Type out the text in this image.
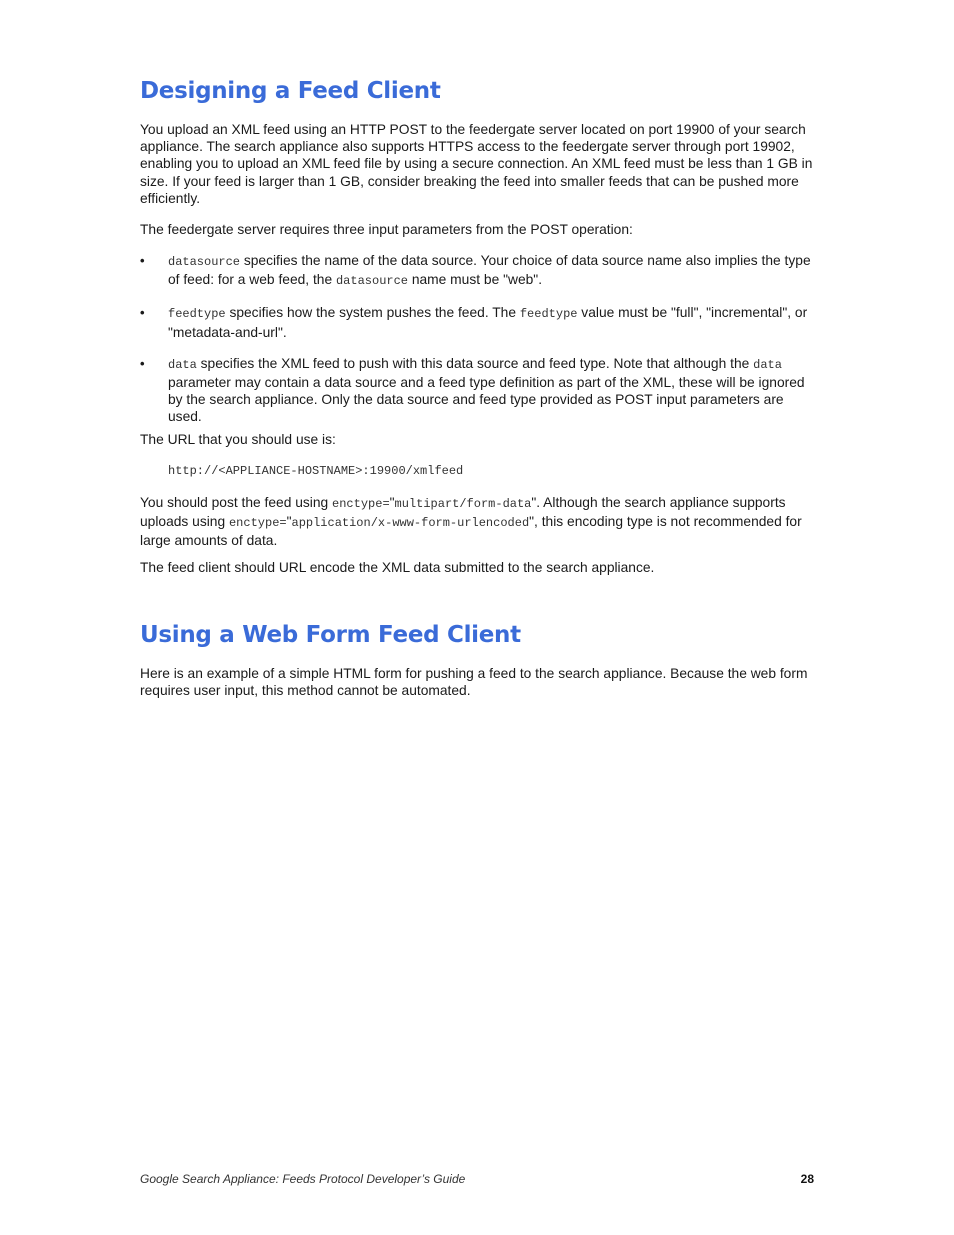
Designing a Feed Client

You upload an XML feed using an HTTP POST to the feedergate server located on port 19900 of your search appliance. The search appliance also supports HTTPS access to the feedergate server through port 19902, enabling you to upload an XML feed file by using a secure connection. An XML feed must be less than 1 GB in size. If your feed is larger than 1 GB, consider breaking the feed into smaller feeds that can be pushed more efficiently.

The feedergate server requires three input parameters from the POST operation:

• datasource specifies the name of the data source. Your choice of data source name also implies the type of feed: for a web feed, the datasource name must be "web".
• feedtype specifies how the system pushes the feed. The feedtype value must be "full", "incremental", or "metadata-and-url".
• data specifies the XML feed to push with this data source and feed type. Note that although the data parameter may contain a data source and a feed type definition as part of the XML, these will be ignored by the search appliance. Only the data source and feed type provided as POST input parameters are used.

The URL that you should use is:

http://<APPLIANCE-HOSTNAME>:19900/xmlfeed

You should post the feed using enctype="multipart/form-data". Although the search appliance supports uploads using enctype="application/x-www-form-urlencoded", this encoding type is not recommended for large amounts of data.

The feed client should URL encode the XML data submitted to the search appliance.

Using a Web Form Feed Client

Here is an example of a simple HTML form for pushing a feed to the search appliance. Because the web form requires user input, this method cannot be automated.

Google Search Appliance: Feeds Protocol Developer’s Guide	28
